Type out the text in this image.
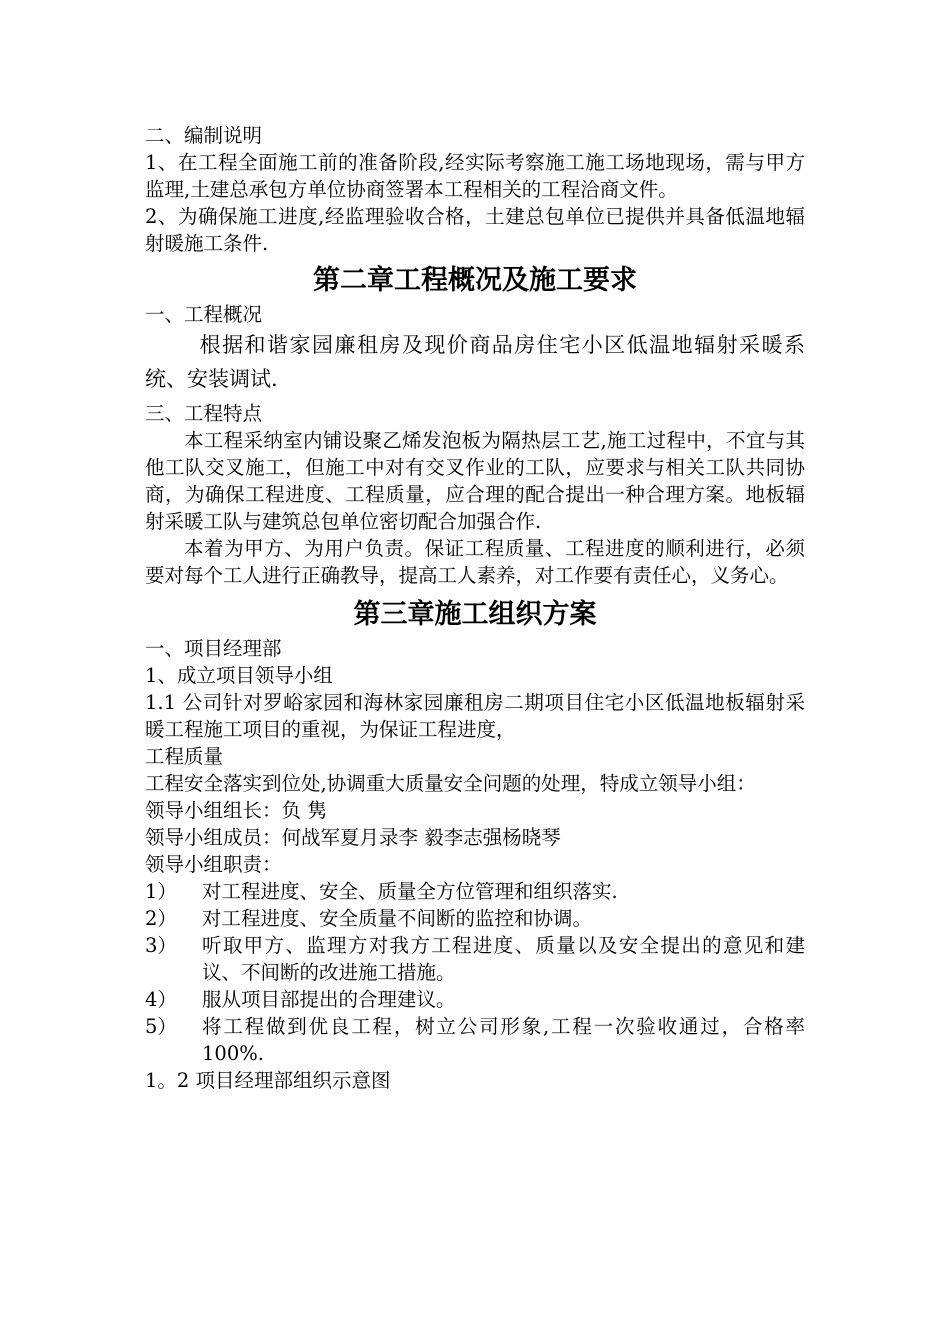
二、编制说明

1、在工程全面施工前的准备阶段,经实际考察施工施工场地现场，需与甲方监理,土建总承包方单位协商签署本工程相关的工程洽商文件。

2、为确保施工进度,经监理验收合格，土建总包单位已提供并具备低温地辐射暖施工条件.

第二章工程概况及施工要求

一、工程概况

根据和谐家园廉租房及现价商品房住宅小区低温地辐射采暖系统、安装调试.

三、工程特点

本工程采纳室内铺设聚乙烯发泡板为隔热层工艺,施工过程中，不宜与其他工队交叉施工，但施工中对有交叉作业的工队，应要求与相关工队共同协商，为确保工程进度、工程质量，应合理的配合提出一种合理方案。地板辐射采暖工队与建筑总包单位密切配合加强合作.

本着为甲方、为用户负责。保证工程质量、工程进度的顺利进行，必须要对每个工人进行正确教导，提高工人素养，对工作要有责任心，义务心。

第三章施工组织方案

一、项目经理部

1、成立项目领导小组

1.1 公司针对罗峪家园和海林家园廉租房二期项目住宅小区低温地板辐射采暖工程施工项目的重视，为保证工程进度，

工程质量

工程安全落实到位处,协调重大质量安全问题的处理，特成立领导小组：

领导小组组长：负 隽

领导小组成员：何战军夏月录李 毅李志强杨晓琴

领导小组职责：

1） 对工程进度、安全、质量全方位管理和组织落实.

2） 对工程进度、安全质量不间断的监控和协调。

3） 听取甲方、监理方对我方工程进度、质量以及安全提出的意见和建议、不间断的改进施工措施。

4） 服从项目部提出的合理建议。

5） 将工程做到优良工程，树立公司形象,工程一次验收通过，合格率 100%.

1。2 项目经理部组织示意图
